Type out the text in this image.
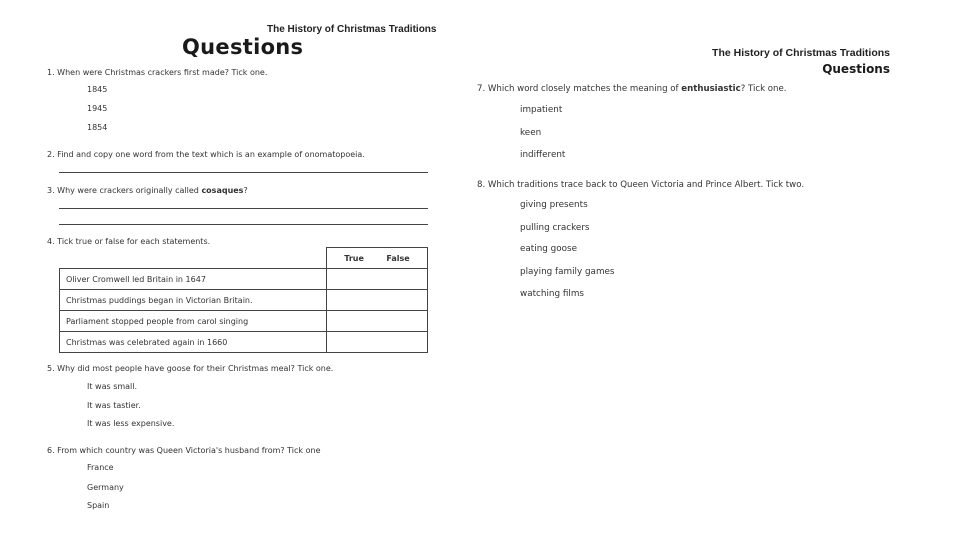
The History of Christmas Traditions
Questions
1. When were Christmas crackers first made? Tick one.
1845
1945
1854
2. Find and copy one word from the text which is an example of onomatopoeia.
3. Why were crackers originally called cosaques?
4. Tick true or false for each statements.

	True False

Oliver Cromwell led Britain in 1647	
Christmas puddings began in Victorian Britain.	
Parliament stopped people from carol singing	
Christmas was celebrated again in 1660	
5. Why did most people have goose for their Christmas meal? Tick one.
It was small.
It was tastier.
It was less expensive.
6. From which country was Queen Victoria's husband from? Tick one
France
Germany
Spain
The History of Christmas Traditions
Questions
7. Which word closely matches the meaning of enthusiastic? Tick one.
impatient
keen
indifferent
8. Which traditions trace back to Queen Victoria and Prince Albert. Tick two.
giving presents
pulling crackers
eating goose
playing family games
watching films
